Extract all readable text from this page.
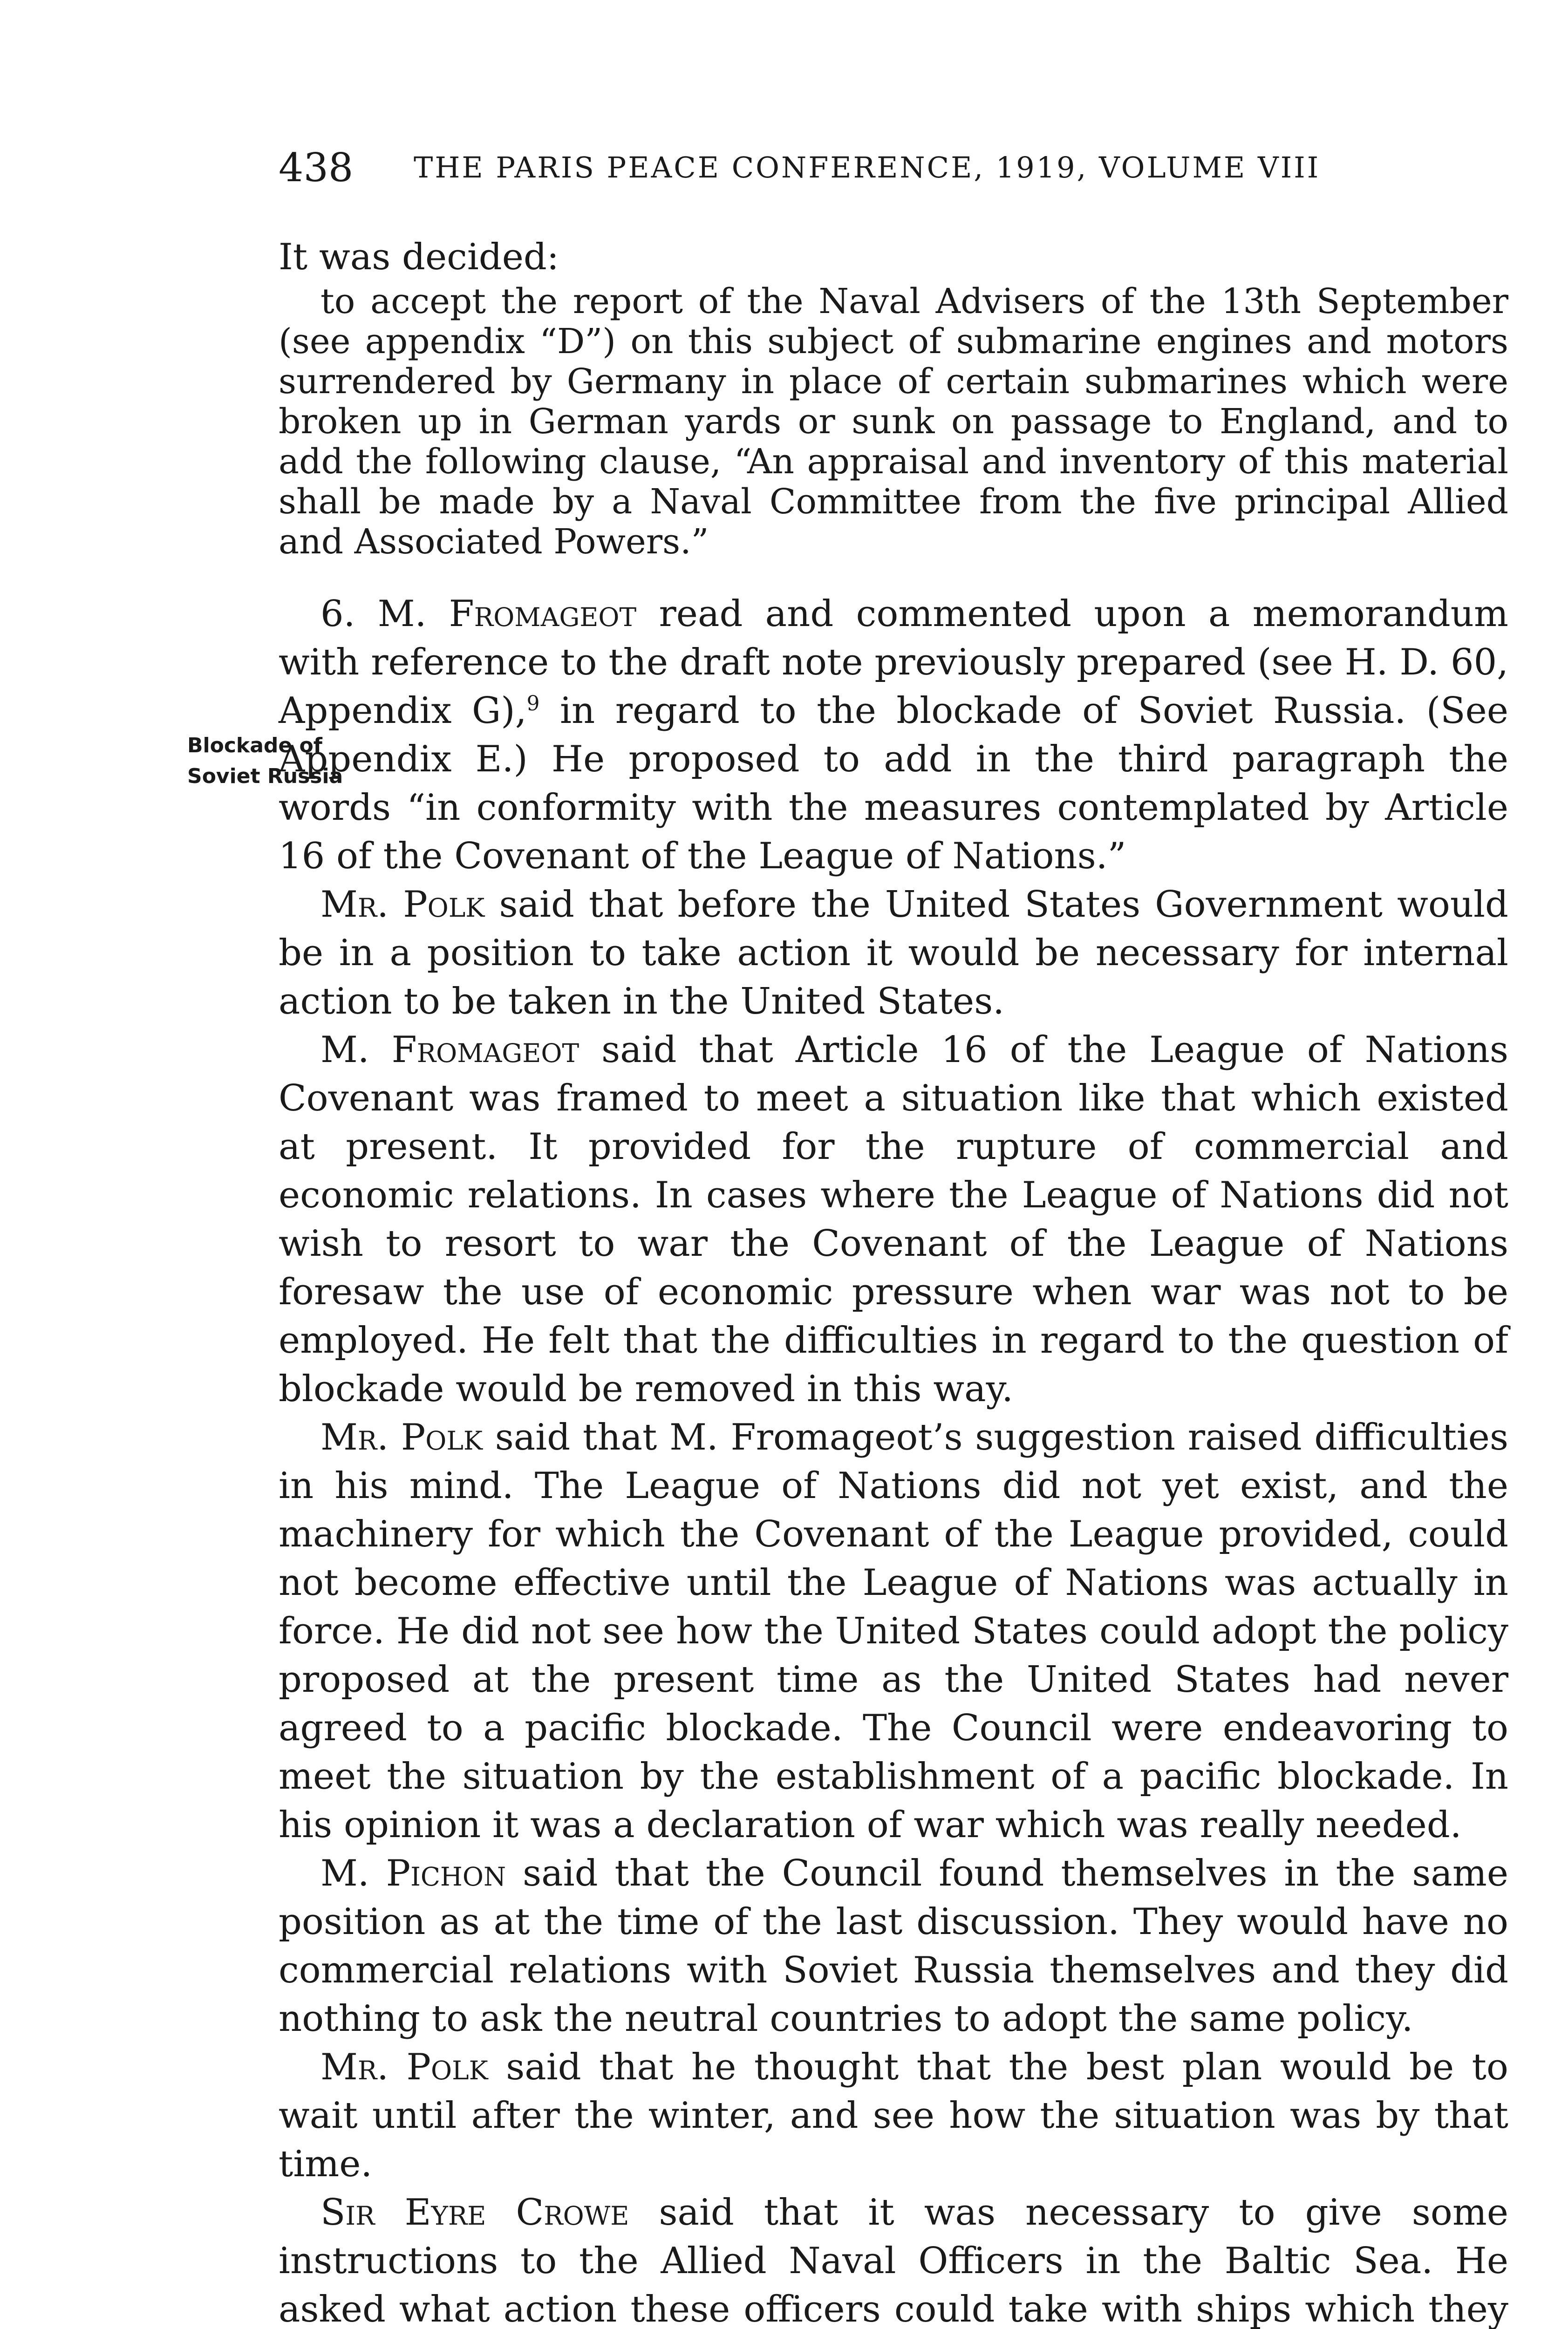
438 THE PARIS PEACE CONFERENCE, 1919, VOLUME VIII
Blockade of
Soviet Russia

It was decided:

to accept the report of the Naval Advisers of the 13th September (see appendix “D”) on this subject of submarine engines and motors surrendered by Germany in place of certain submarines which were broken up in German yards or sunk on passage to England, and to add the following clause, “An appraisal and inventory of this material shall be made by a Naval Committee from the five principal Allied and Associated Powers.”

6. M. Fromageot read and commented upon a memorandum with reference to the draft note previously prepared (see H. D. 60, Appendix G),$^9$ in regard to the blockade of Soviet Russia. (See Appendix E.) He proposed to add in the third paragraph the words “in conformity with the measures contemplated by Article 16 of the Covenant of the League of Nations.”

Mr. Polk said that before the United States Government would be in a position to take action it would be necessary for internal action to be taken in the United States.

M. Fromageot said that Article 16 of the League of Nations Covenant was framed to meet a situation like that which existed at present. It provided for the rupture of commercial and economic relations. In cases where the League of Nations did not wish to resort to war the Covenant of the League of Nations foresaw the use of economic pressure when war was not to be employed. He felt that the difficulties in regard to the question of blockade would be removed in this way.

Mr. Polk said that M. Fromageot’s suggestion raised difficulties in his mind. The League of Nations did not yet exist, and the machinery for which the Covenant of the League provided, could not become effective until the League of Nations was actually in force. He did not see how the United States could adopt the policy proposed at the present time as the United States had never agreed to a pacific blockade. The Council were endeavoring to meet the situation by the establishment of a pacific blockade. In his opinion it was a declaration of war which was really needed.

M. Pichon said that the Council found themselves in the same position as at the time of the last discussion. They would have no commercial relations with Soviet Russia themselves and they did nothing to ask the neutral countries to adopt the same policy.

Mr. Polk said that he thought that the best plan would be to wait until after the winter, and see how the situation was by that time.

Sir Eyre Crowe said that it was necessary to give some instructions to the Allied Naval Officers in the Baltic Sea. He asked what action these officers could take with ships which they
